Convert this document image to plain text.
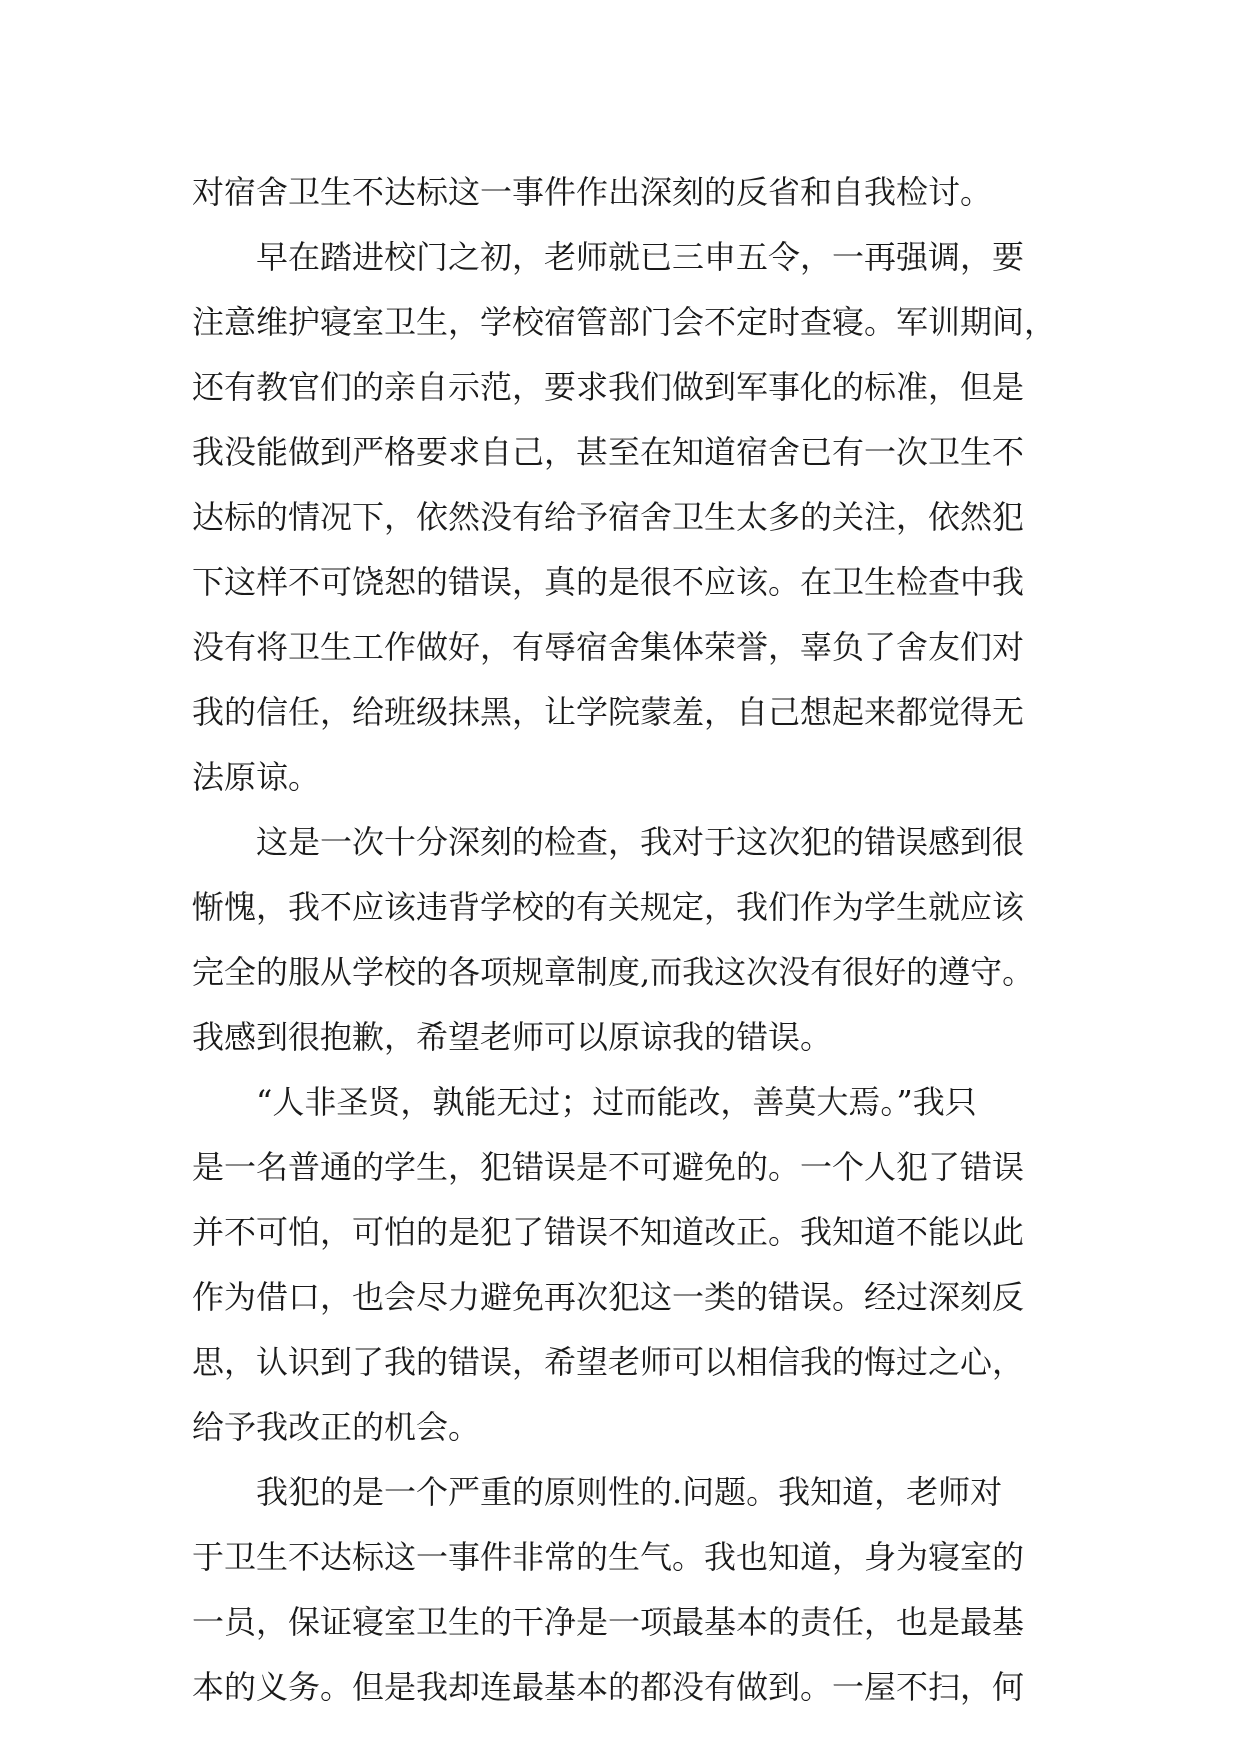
对宿舍卫生不达标这一事件作出深刻的反省和自我检讨。
　　早在踏进校门之初，老师就已三申五令，一再强调，要
注意维护寝室卫生，学校宿管部门会不定时查寝。军训期间，
还有教官们的亲自示范，要求我们做到军事化的标准，但是
我没能做到严格要求自己，甚至在知道宿舍已有一次卫生不
达标的情况下，依然没有给予宿舍卫生太多的关注，依然犯
下这样不可饶恕的错误，真的是很不应该。在卫生检查中我
没有将卫生工作做好，有辱宿舍集体荣誉，辜负了舍友们对
我的信任，给班级抹黑，让学院蒙羞，自己想起来都觉得无
法原谅。
　　这是一次十分深刻的检查，我对于这次犯的错误感到很
惭愧，我不应该违背学校的有关规定，我们作为学生就应该
完全的服从学校的各项规章制度,而我这次没有很好的遵守。
我感到很抱歉，希望老师可以原谅我的错误。
　　“人非圣贤，孰能无过；过而能改，善莫大焉。”我只
是一名普通的学生，犯错误是不可避免的。一个人犯了错误
并不可怕，可怕的是犯了错误不知道改正。我知道不能以此
作为借口，也会尽力避免再次犯这一类的错误。经过深刻反
思，认识到了我的错误，希望老师可以相信我的悔过之心，
给予我改正的机会。
　　我犯的是一个严重的原则性的.问题。我知道，老师对
于卫生不达标这一事件非常的生气。我也知道，身为寝室的
一员，保证寝室卫生的干净是一项最基本的责任，也是最基
本的义务。但是我却连最基本的都没有做到。一屋不扫，何
